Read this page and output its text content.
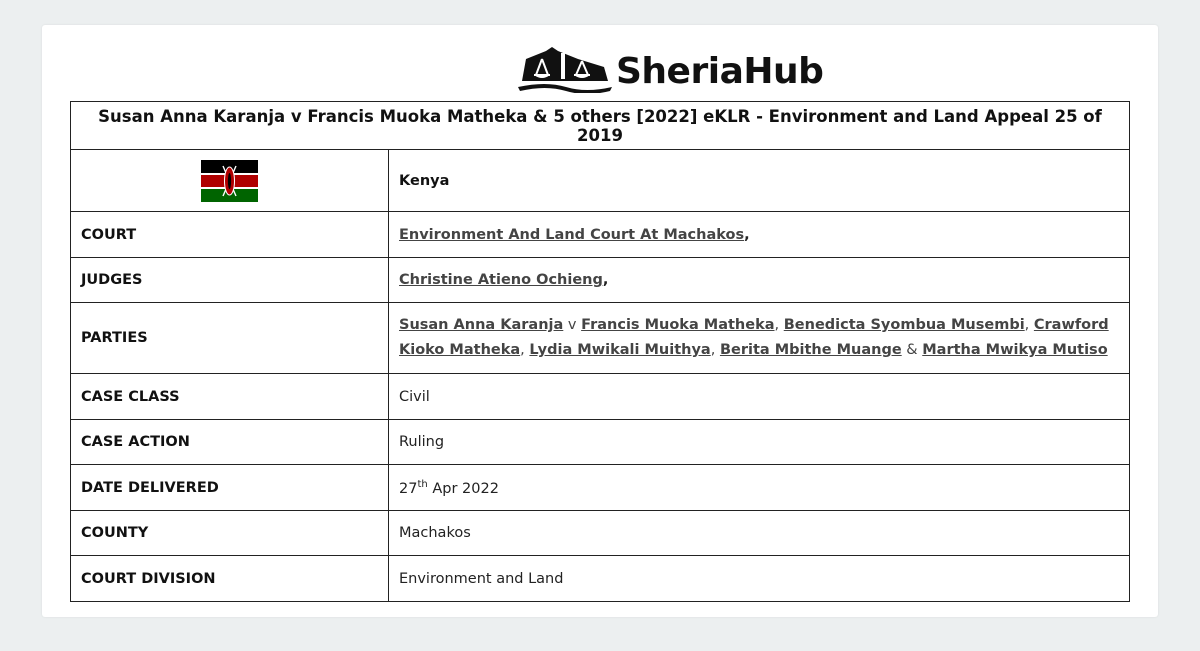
SheriaHub
Susan Anna Karanja v Francis Muoka Matheka & 5 others [2022] eKLR - Environment and Land Appeal 25 of 2019	
	Kenya
COURT	Environment And Land Court At Machakos,
JUDGES	Christine Atieno Ochieng,
PARTIES	Susan Anna Karanja v Francis Muoka Matheka, Benedicta Syombua Musembi, Crawford Kioko Matheka, Lydia Mwikali Muithya, Berita Mbithe Muange & Martha Mwikya Mutiso
CASE CLASS	Civil
CASE ACTION	Ruling
DATE DELIVERED	27th Apr 2022
COUNTY	Machakos
COURT DIVISION	Environment and Land
